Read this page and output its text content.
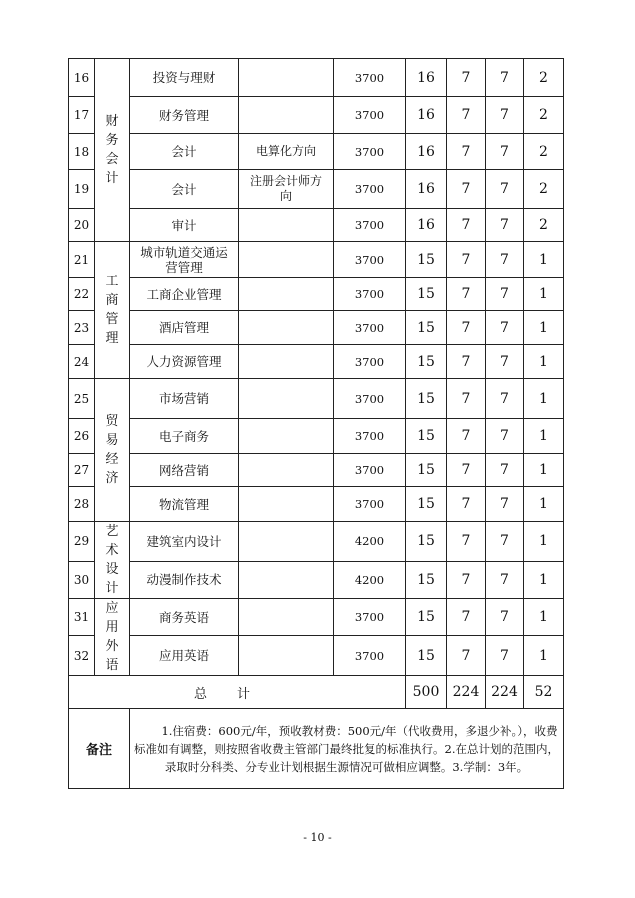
16	财务会计	投资与理财		3700	16	7	7	2
17		财务管理		3700	16	7	7	2
18		会计	电算化方向	3700	16	7	7	2
19		会计	注册会计师方向	3700	16	7	7	2
20		审计		3700	16	7	7	2
21	工商管理	城市轨道交通运营管理		3700	15	7	7	1
22		工商企业管理		3700	15	7	7	1
23		酒店管理		3700	15	7	7	1
24		人力资源管理		3700	15	7	7	1
25	贸易经济	市场营销		3700	15	7	7	1
26		电子商务		3700	15	7	7	1
27		网络营销		3700	15	7	7	1
28		物流管理		3700	15	7	7	1
29	艺术设计	建筑室内设计		4200	15	7	7	1
30		动漫制作技术		4200	15	7	7	1
31	应用外语	商务英语		3700	15	7	7	1
32		应用英语		3700	15	7	7	1
总计					500	224	224	52
备注		1.住宿费：600元/年，预收教材费：500元/年（代收费用，多退少补。），收费标准如有调整，则按照省收费主管部门最终批复的标准执行。2.在总计划的范围内，录取时分科类、分专业计划根据生源情况可做相应调整。3.学制：3年。						
- 10 -
